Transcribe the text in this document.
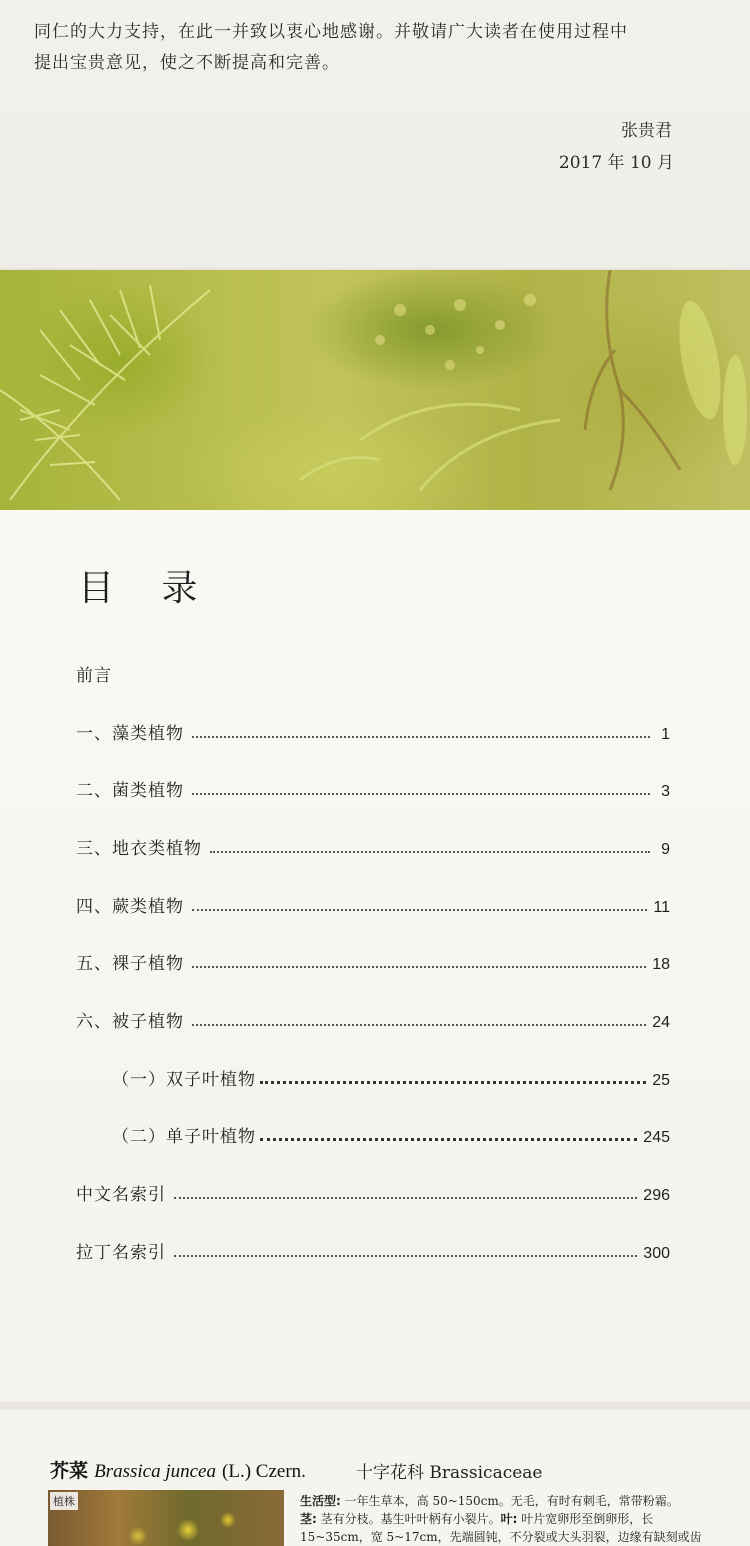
同仁的大力支持，在此一并致以衷心地感谢。并敬请广大读者在使用过程中
提出宝贵意见，使之不断提高和完善。
张贵君
2017 年 10 月
目 录
前言
一、藻类植物	1
二、菌类植物	3
三、地衣类植物	9
四、蕨类植物	11
五、裸子植物	18
六、被子植物	24
（一）双子叶植物	25
（二）单子叶植物	245
中文名索引	296
拉丁名索引	300
芥菜 Brassica juncea (L.) Czern.	十字花科 Brassicaceae
植株	生活型: 一年生草本，高 50~150cm。无毛，有时有刺毛，常带粉霜。
茎: 茎有分枝。基生叶叶柄有小裂片。叶: 叶片宽卵形至倒卵形，长
15~35cm，宽 5~17cm，先端圆钝，不分裂或大头羽裂，边缘有缺刻或齿
